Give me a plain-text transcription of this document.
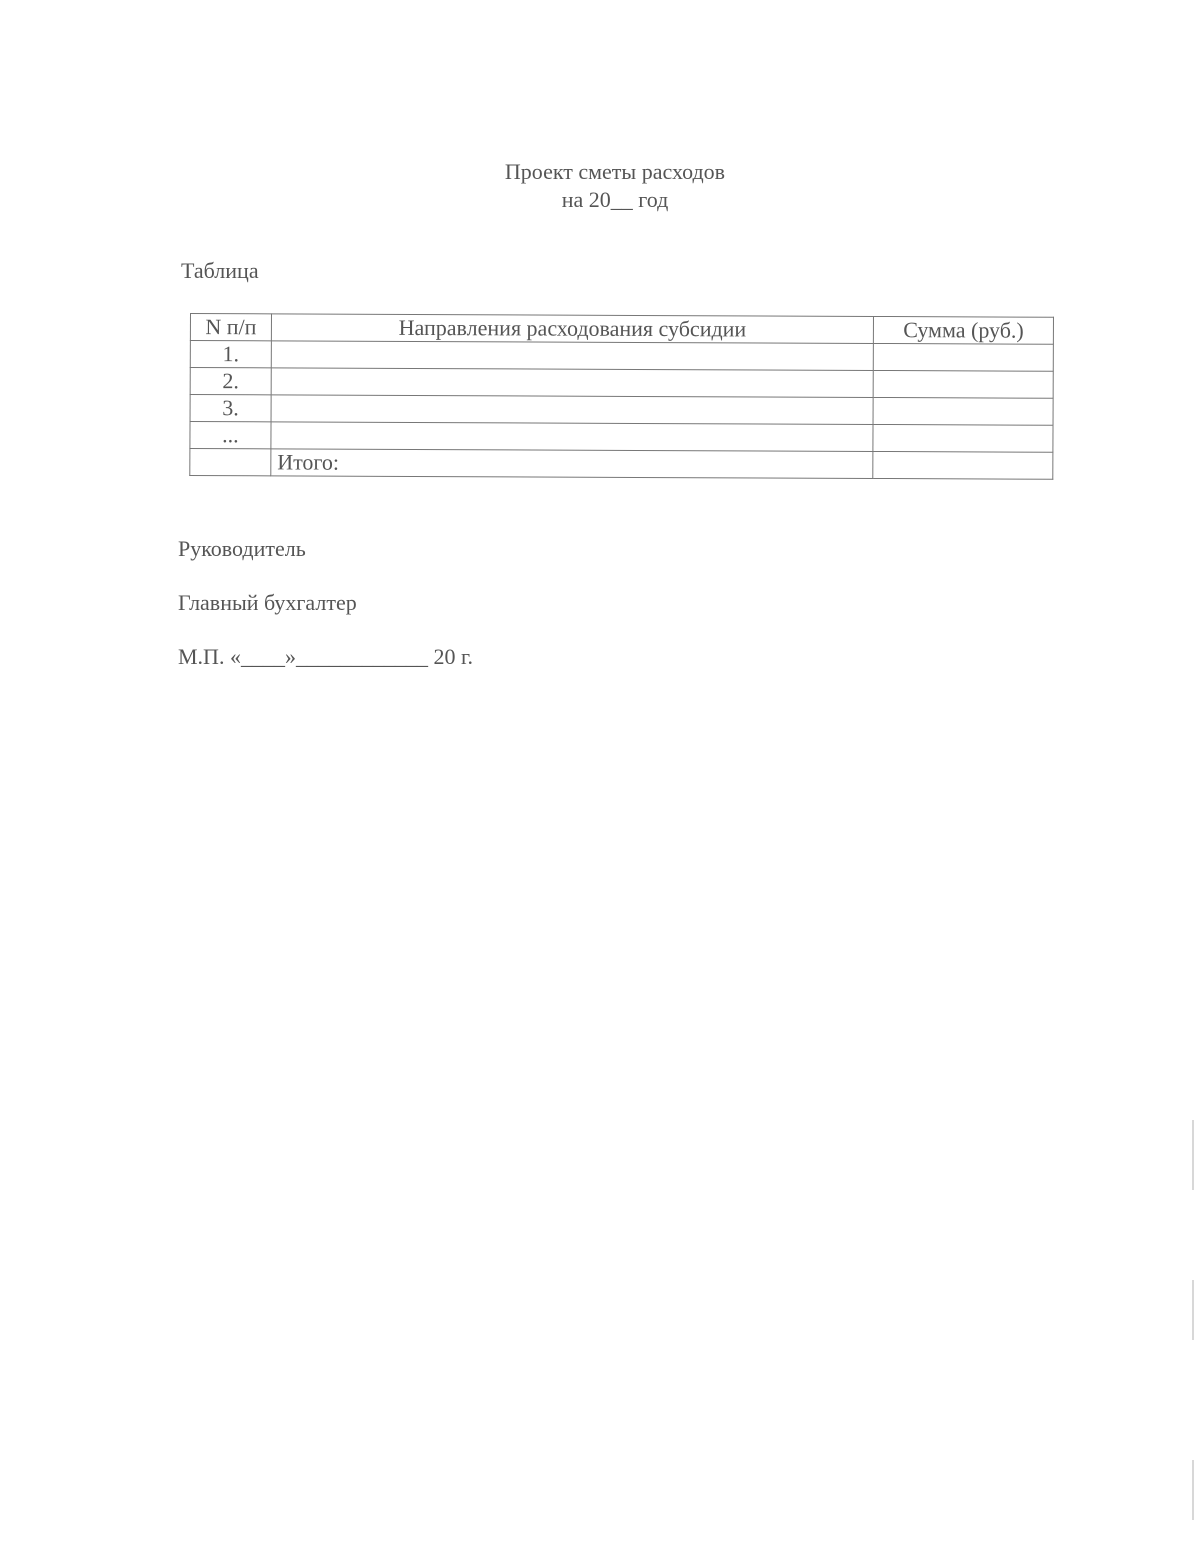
Проект сметы расходов
на 20__ год
Таблица
N п/п	Направления расходования субсидии	Сумма (руб.)
1.		
2.		
3.		
...		
	Итого:	
Руководитель
Главный бухгалтер
М.П. «____»____________ 20 г.
